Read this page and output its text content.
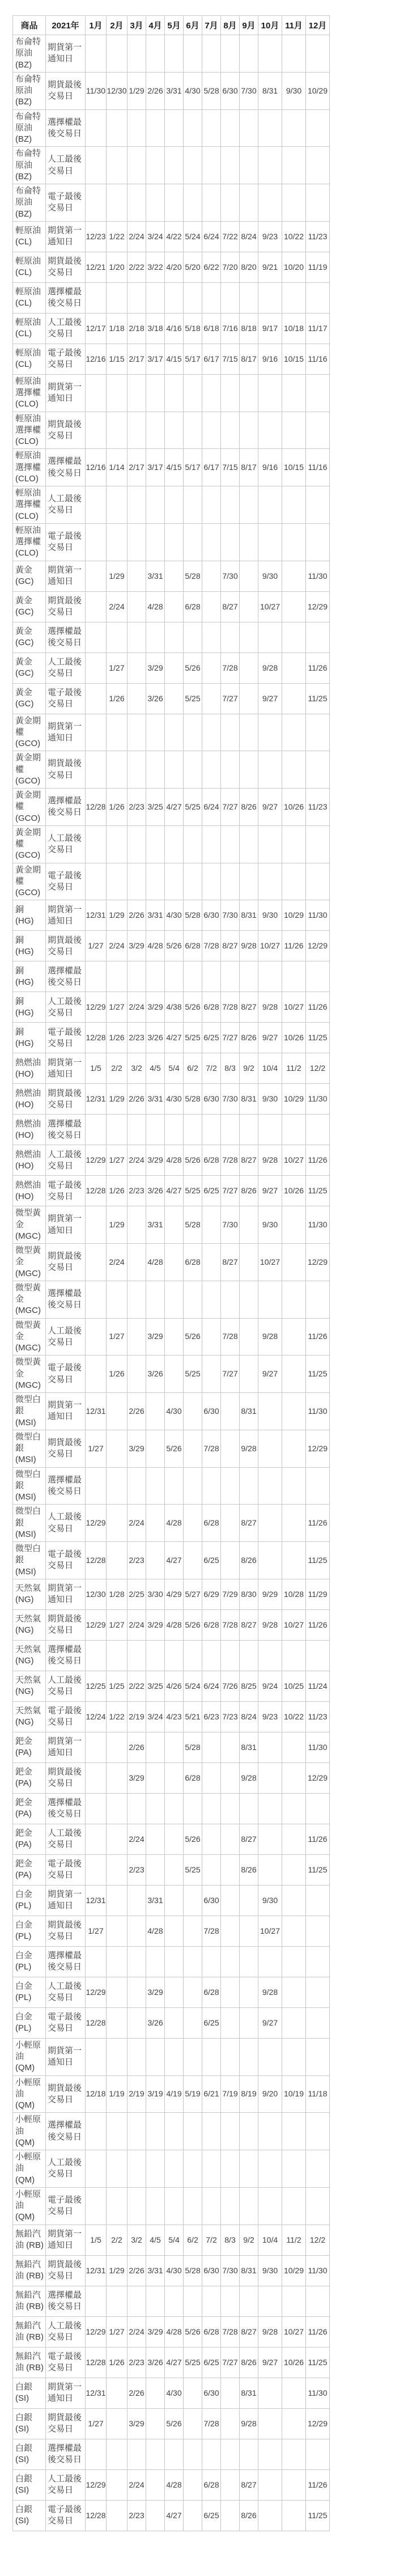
商品	2021年	1月	2月	3月	4月	5月	6月	7月	8月	9月	10月	11月	12月
布侖特原油 (BZ)	期貨第一通知日												
布侖特原油 (BZ)	期貨最後交易日	11/30	12/30	1/29	2/26	3/31	4/30	5/28	6/30	7/30	8/31	9/30	10/29
布侖特原油 (BZ)	選擇權最後交易日												
布侖特原油 (BZ)	人工最後交易日												
布侖特原油 (BZ)	電子最後交易日												
輕原油 (CL)	期貨第一通知日	12/23	1/22	2/24	3/24	4/22	5/24	6/24	7/22	8/24	9/23	10/22	11/23
輕原油 (CL)	期貨最後交易日	12/21	1/20	2/22	3/22	4/20	5/20	6/22	7/20	8/20	9/21	10/20	11/19
輕原油 (CL)	選擇權最後交易日												
輕原油 (CL)	人工最後交易日	12/17	1/18	2/18	3/18	4/16	5/18	6/18	7/16	8/18	9/17	10/18	11/17
輕原油 (CL)	電子最後交易日	12/16	1/15	2/17	3/17	4/15	5/17	6/17	7/15	8/17	9/16	10/15	11/16
輕原油選擇權 (CLO)	期貨第一通知日												
輕原油選擇權 (CLO)	期貨最後交易日												
輕原油選擇權 (CLO)	選擇權最後交易日	12/16	1/14	2/17	3/17	4/15	5/17	6/17	7/15	8/17	9/16	10/15	11/16
輕原油選擇權 (CLO)	人工最後交易日												
輕原油選擇權 (CLO)	電子最後交易日												
黃金 (GC)	期貨第一通知日		1/29		3/31		5/28		7/30		9/30		11/30
黃金 (GC)	期貨最後交易日		2/24		4/28		6/28		8/27		10/27		12/29
黃金 (GC)	選擇權最後交易日												
黃金 (GC)	人工最後交易日		1/27		3/29		5/26		7/28		9/28		11/26
黃金 (GC)	電子最後交易日		1/26		3/26		5/25		7/27		9/27		11/25
黃金期權 (GCO)	期貨第一通知日												
黃金期權 (GCO)	期貨最後交易日												
黃金期權 (GCO)	選擇權最後交易日	12/28	1/26	2/23	3/25	4/27	5/25	6/24	7/27	8/26	9/27	10/26	11/23
黃金期權 (GCO)	人工最後交易日												
黃金期權 (GCO)	電子最後交易日												
銅 (HG)	期貨第一通知日	12/31	1/29	2/26	3/31	4/30	5/28	6/30	7/30	8/31	9/30	10/29	11/30
銅 (HG)	期貨最後交易日	1/27	2/24	3/29	4/28	5/26	6/28	7/28	8/27	9/28	10/27	11/26	12/29
銅 (HG)	選擇權最後交易日												
銅 (HG)	人工最後交易日	12/29	1/27	2/24	3/29	4/38	5/26	6/28	7/28	8/27	9/28	10/27	11/26
銅 (HG)	電子最後交易日	12/28	1/26	2/23	3/26	4/27	5/25	6/25	7/27	8/26	9/27	10/26	11/25
熱燃油 (HO)	期貨第一通知日	1/5	2/2	3/2	4/5	5/4	6/2	7/2	8/3	9/2	10/4	11/2	12/2
熱燃油 (HO)	期貨最後交易日	12/31	1/29	2/26	3/31	4/30	5/28	6/30	7/30	8/31	9/30	10/29	11/30
熱燃油 (HO)	選擇權最後交易日												
熱燃油 (HO)	人工最後交易日	12/29	1/27	2/24	3/29	4/28	5/26	6/28	7/28	8/27	9/28	10/27	11/26
熱燃油 (HO)	電子最後交易日	12/28	1/26	2/23	3/26	4/27	5/25	6/25	7/27	8/26	9/27	10/26	11/25
微型黃金 (MGC)	期貨第一通知日		1/29		3/31		5/28		7/30		9/30		11/30
微型黃金 (MGC)	期貨最後交易日		2/24		4/28		6/28		8/27		10/27		12/29
微型黃金 (MGC)	選擇權最後交易日												
微型黃金 (MGC)	人工最後交易日		1/27		3/29		5/26		7/28		9/28		11/26
微型黃金 (MGC)	電子最後交易日		1/26		3/26		5/25		7/27		9/27		11/25
微型白銀 (MSI)	期貨第一通知日	12/31		2/26		4/30		6/30		8/31			11/30
微型白銀 (MSI)	期貨最後交易日	1/27		3/29		5/26		7/28		9/28			12/29
微型白銀 (MSI)	選擇權最後交易日												
微型白銀 (MSI)	人工最後交易日	12/29		2/24		4/28		6/28		8/27			11/26
微型白銀 (MSI)	電子最後交易日	12/28		2/23		4/27		6/25		8/26			11/25
天然氣 (NG)	期貨第一通知日	12/30	1/28	2/25	3/30	4/29	5/27	6/29	7/29	8/30	9/29	10/28	11/29
天然氣 (NG)	期貨最後交易日	12/29	1/27	2/24	3/29	4/28	5/26	6/28	7/28	8/27	9/28	10/27	11/26
天然氣 (NG)	選擇權最後交易日												
天然氣 (NG)	人工最後交易日	12/25	1/25	2/22	3/25	4/26	5/24	6/24	7/26	8/25	9/24	10/25	11/24
天然氣 (NG)	電子最後交易日	12/24	1/22	2/19	3/24	4/23	5/21	6/23	7/23	8/24	9/23	10/22	11/23
鈀金 (PA)	期貨第一通知日			2/26			5/28			8/31			11/30
鈀金 (PA)	期貨最後交易日			3/29			6/28			9/28			12/29
鈀金 (PA)	選擇權最後交易日												
鈀金 (PA)	人工最後交易日			2/24			5/26			8/27			11/26
鈀金 (PA)	電子最後交易日			2/23			5/25			8/26			11/25
白金 (PL)	期貨第一通知日	12/31			3/31			6/30			9/30		
白金 (PL)	期貨最後交易日	1/27			4/28			7/28			10/27		
白金 (PL)	選擇權最後交易日												
白金 (PL)	人工最後交易日	12/29			3/29			6/28			9/28		
白金 (PL)	電子最後交易日	12/28			3/26			6/25			9/27		
小輕原油 (QM)	期貨第一通知日												
小輕原油 (QM)	期貨最後交易日	12/18	1/19	2/19	3/19	4/19	5/19	6/21	7/19	8/19	9/20	10/19	11/18
小輕原油 (QM)	選擇權最後交易日												
小輕原油 (QM)	人工最後交易日												
小輕原油 (QM)	電子最後交易日												
無鉛汽油 (RB)	期貨第一通知日	1/5	2/2	3/2	4/5	5/4	6/2	7/2	8/3	9/2	10/4	11/2	12/2
無鉛汽油 (RB)	期貨最後交易日	12/31	1/29	2/26	3/31	4/30	5/28	6/30	7/30	8/31	9/30	10/29	11/30
無鉛汽油 (RB)	選擇權最後交易日												
無鉛汽油 (RB)	人工最後交易日	12/29	1/27	2/24	3/29	4/28	5/26	6/28	7/28	8/27	9/28	10/27	11/26
無鉛汽油 (RB)	電子最後交易日	12/28	1/26	2/23	3/26	4/27	5/25	6/25	7/27	8/26	9/27	10/26	11/25
白銀 (SI)	期貨第一通知日	12/31		2/26		4/30		6/30		8/31			11/30
白銀 (SI)	期貨最後交易日	1/27		3/29		5/26		7/28		9/28			12/29
白銀 (SI)	選擇權最後交易日												
白銀 (SI)	人工最後交易日	12/29		2/24		4/28		6/28		8/27			11/26
白銀 (SI)	電子最後交易日	12/28		2/23		4/27		6/25		8/26			11/25
